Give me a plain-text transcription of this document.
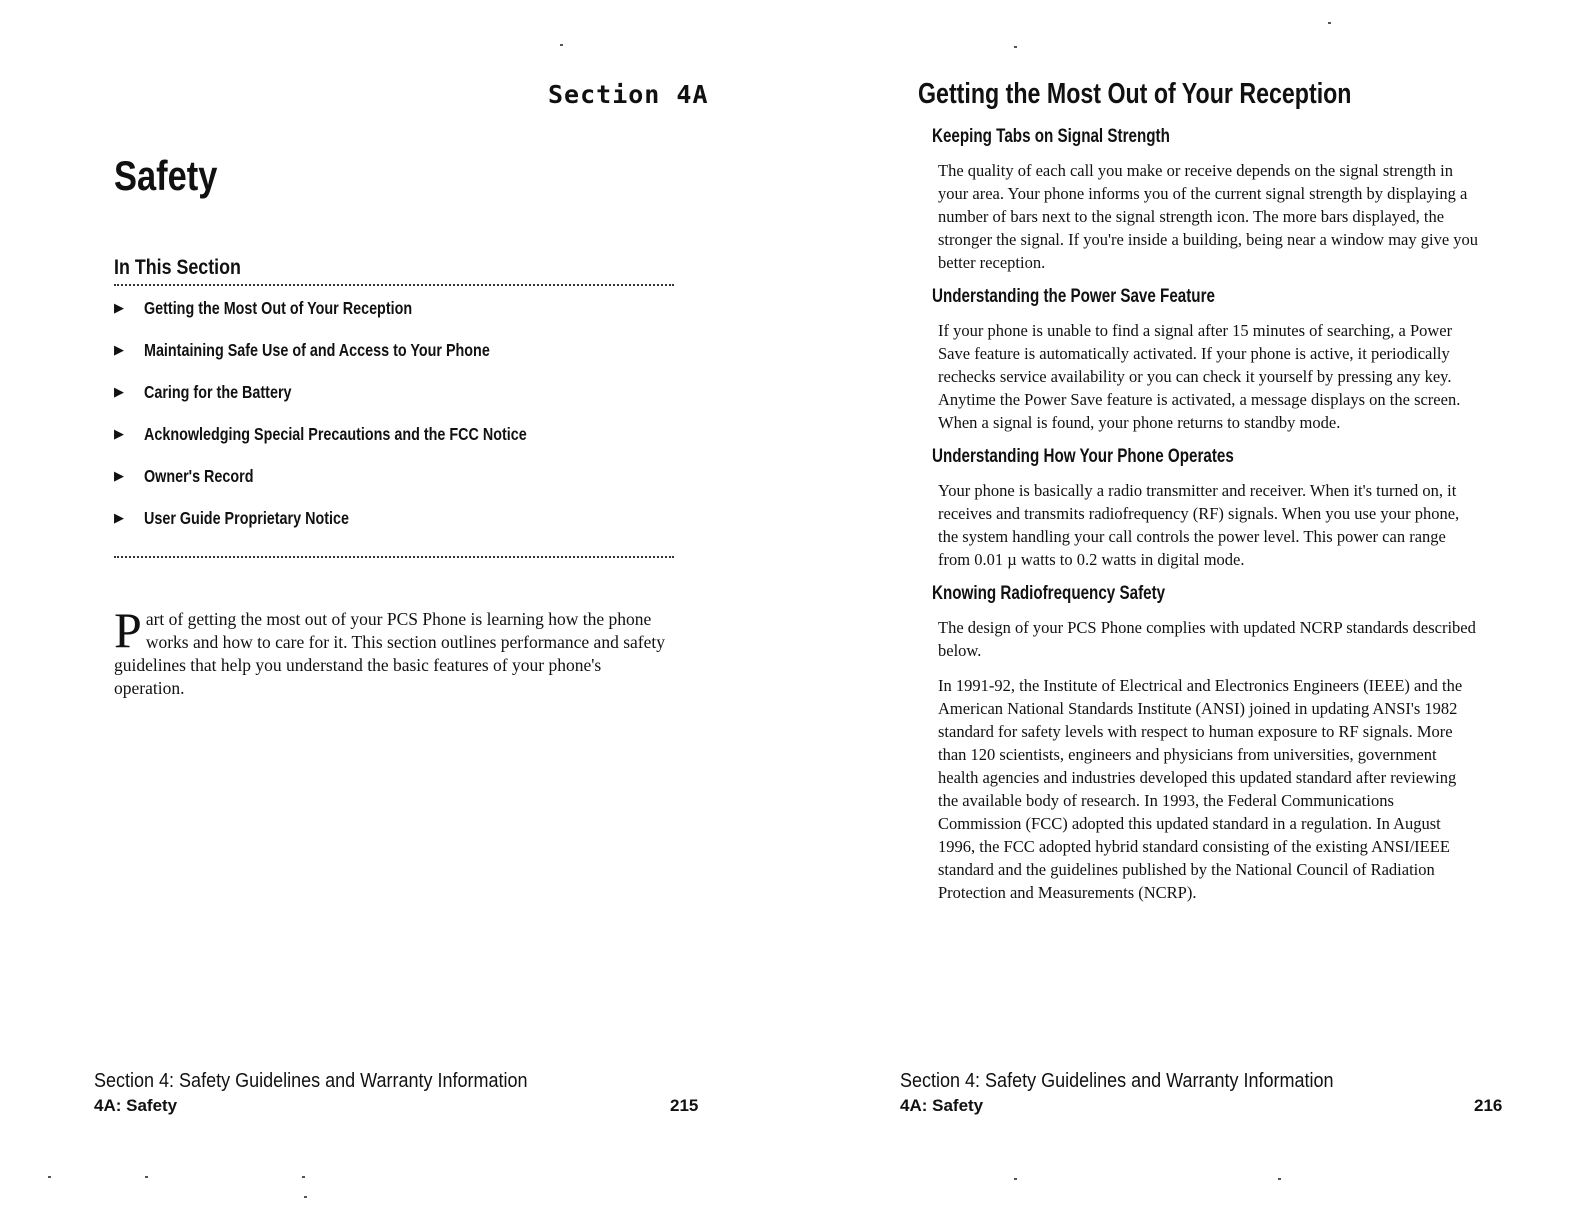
Section 4A
Safety
In This Section
▶ Getting the Most Out of Your Reception
▶ Maintaining Safe Use of and Access to Your Phone
▶ Caring for the Battery
▶ Acknowledging Special Precautions and the FCC Notice
▶ Owner's Record
▶ User Guide Proprietary Notice

Part of getting the most out of your PCS Phone is learning how the phone works and how to care for it. This section outlines performance and safety guidelines that help you understand the basic features of your phone's operation.

Section 4: Safety Guidelines and Warranty Information
4A: Safety	215
Getting the Most Out of Your Reception
Keeping Tabs on Signal Strength

The quality of each call you make or receive depends on the signal strength in your area. Your phone informs you of the current signal strength by displaying a number of bars next to the signal strength icon. The more bars displayed, the stronger the signal. If you're inside a building, being near a window may give you better reception.

Understanding the Power Save Feature

If your phone is unable to find a signal after 15 minutes of searching, a Power Save feature is automatically activated. If your phone is active, it periodically rechecks service availability or you can check it yourself by pressing any key. Anytime the Power Save feature is activated, a message displays on the screen. When a signal is found, your phone returns to standby mode.

Understanding How Your Phone Operates

Your phone is basically a radio transmitter and receiver. When it's turned on, it receives and transmits radiofrequency (RF) signals. When you use your phone, the system handling your call controls the power level. This power can range from 0.01 µ watts to 0.2 watts in digital mode.

Knowing Radiofrequency Safety

The design of your PCS Phone complies with updated NCRP standards described below.

In 1991-92, the Institute of Electrical and Electronics Engineers (IEEE) and the American National Standards Institute (ANSI) joined in updating ANSI's 1982 standard for safety levels with respect to human exposure to RF signals. More than 120 scientists, engineers and physicians from universities, government health agencies and industries developed this updated standard after reviewing the available body of research. In 1993, the Federal Communications Commission (FCC) adopted this updated standard in a regulation. In August 1996, the FCC adopted hybrid standard consisting of the existing ANSI/IEEE standard and the guidelines published by the National Council of Radiation Protection and Measurements (NCRP).

Section 4: Safety Guidelines and Warranty Information
4A: Safety	216
